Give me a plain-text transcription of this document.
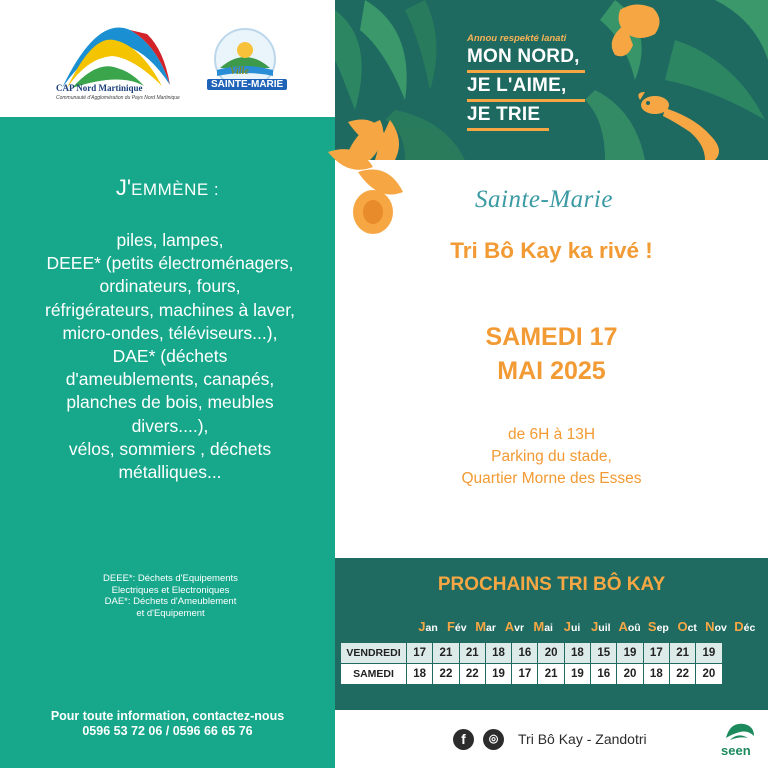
CAP Nord Martinique
Communauté d'Agglomération du Pays Nord Martinique
Ville
SAINTE-MARIE
J'EMMÈNE :
piles, lampes,
DEEE* (petits électroménagers,
ordinateurs, fours,
réfrigérateurs, machines à laver,
micro-ondes, téléviseurs...),
DAE* (déchets
d'ameublements, canapés,
planches de bois, meubles
divers....),
vélos, sommiers , déchets
métalliques...
DEEE*: Déchets d'Equipements
Electriques et Electroniques
DAE*: Déchets d'Ameublement
et d'Equipement
Pour toute information, contactez-nous
0596 53 72 06 / 0596 66 65 76
Annou respekté lanati
MON NORD,
JE L'AIME,
JE TRIE
Sainte-Marie
Tri Bô Kay ka rivé !
SAMEDI 17
MAI 2025
de 6H à 13H
Parking du stade,
Quartier Morne des Esses
PROCHAINS TRI BÔ KAY
Jan Fév Mar Avr Mai Jui Juil Aoû Sep Oct Nov Déc
VENDREDI	17	21	21	18	16	20	18	15	19	17	21	19
SAMEDI	18	22	22	19	17	21	19	16	20	18	22	20
f	◎	Tri Bô Kay - Zandotri
seen
